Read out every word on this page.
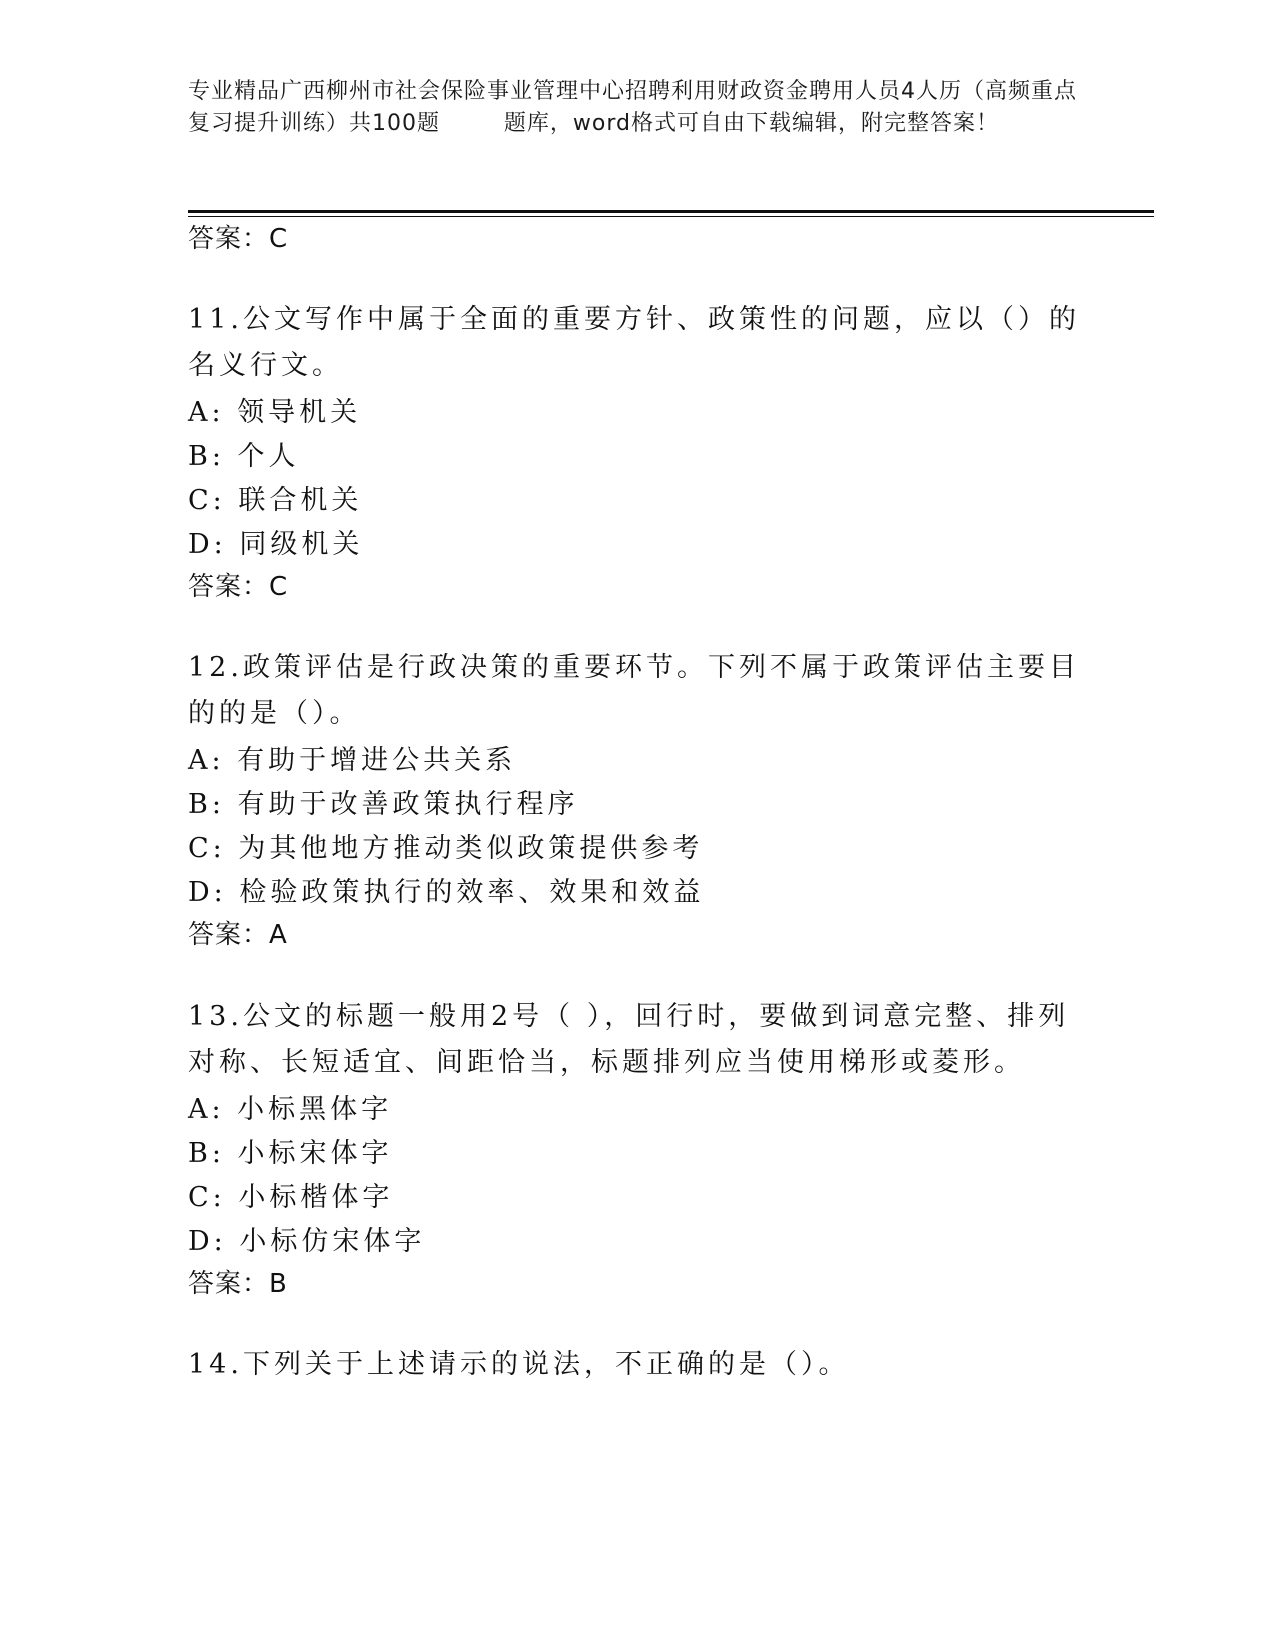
专业精品广西柳州市社会保险事业管理中心招聘利用财政资金聘用人员4人历（高频重点复习提升训练）共100题        题库，word格式可自由下载编辑，附完整答案！
答案：C
11.公文写作中属于全面的重要方针、政策性的问题，应以（）的名义行文。
A: 领导机关
B: 个人
C: 联合机关
D: 同级机关
答案：C
12.政策评估是行政决策的重要环节。下列不属于政策评估主要目的的是（）。
A: 有助于增进公共关系
B: 有助于改善政策执行程序
C: 为其他地方推动类似政策提供参考
D: 检验政策执行的效率、效果和效益
答案：A
13.公文的标题一般用2号（ ），回行时，要做到词意完整、排列对称、长短适宜、间距恰当，标题排列应当使用梯形或菱形。
A: 小标黑体字
B: 小标宋体字
C: 小标楷体字
D: 小标仿宋体字
答案：B
14.下列关于上述请示的说法，不正确的是（）。
